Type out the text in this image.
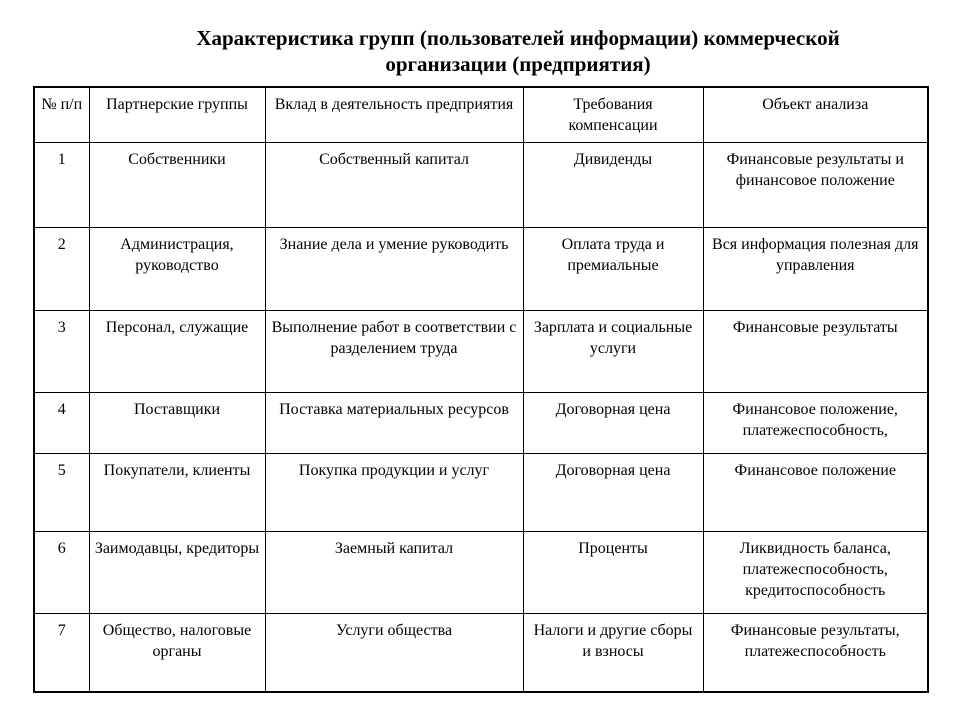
Характеристика групп (пользователей информации) коммерческой
организации (предприятия)
№ п/п	Партнерские группы	Вклад в деятельность предприятия	Требования компенсации	Объект анализа
1	Собственники	Собственный капитал	Дивиденды	Финансовые результаты и финансовое положение
2	Администрация, руководство	Знание дела и умение руководить	Оплата труда и премиальные	Вся информация полезная для управления
3	Персонал, служащие	Выполнение работ в соответствии с разделением труда	Зарплата и социальные услуги	Финансовые результаты
4	Поставщики	Поставка материальных ресурсов	Договорная цена	Финансовое положение, платежеспособность,
5	Покупатели, клиенты	Покупка продукции и услуг	Договорная цена	Финансовое положение
6	Заимодавцы, кредиторы	Заемный капитал	Проценты	Ликвидность баланса, платежеспособность, кредитоспособность
7	Общество, налоговые органы	Услуги общества	Налоги и другие сборы и взносы	Финансовые результаты, платежеспособность
